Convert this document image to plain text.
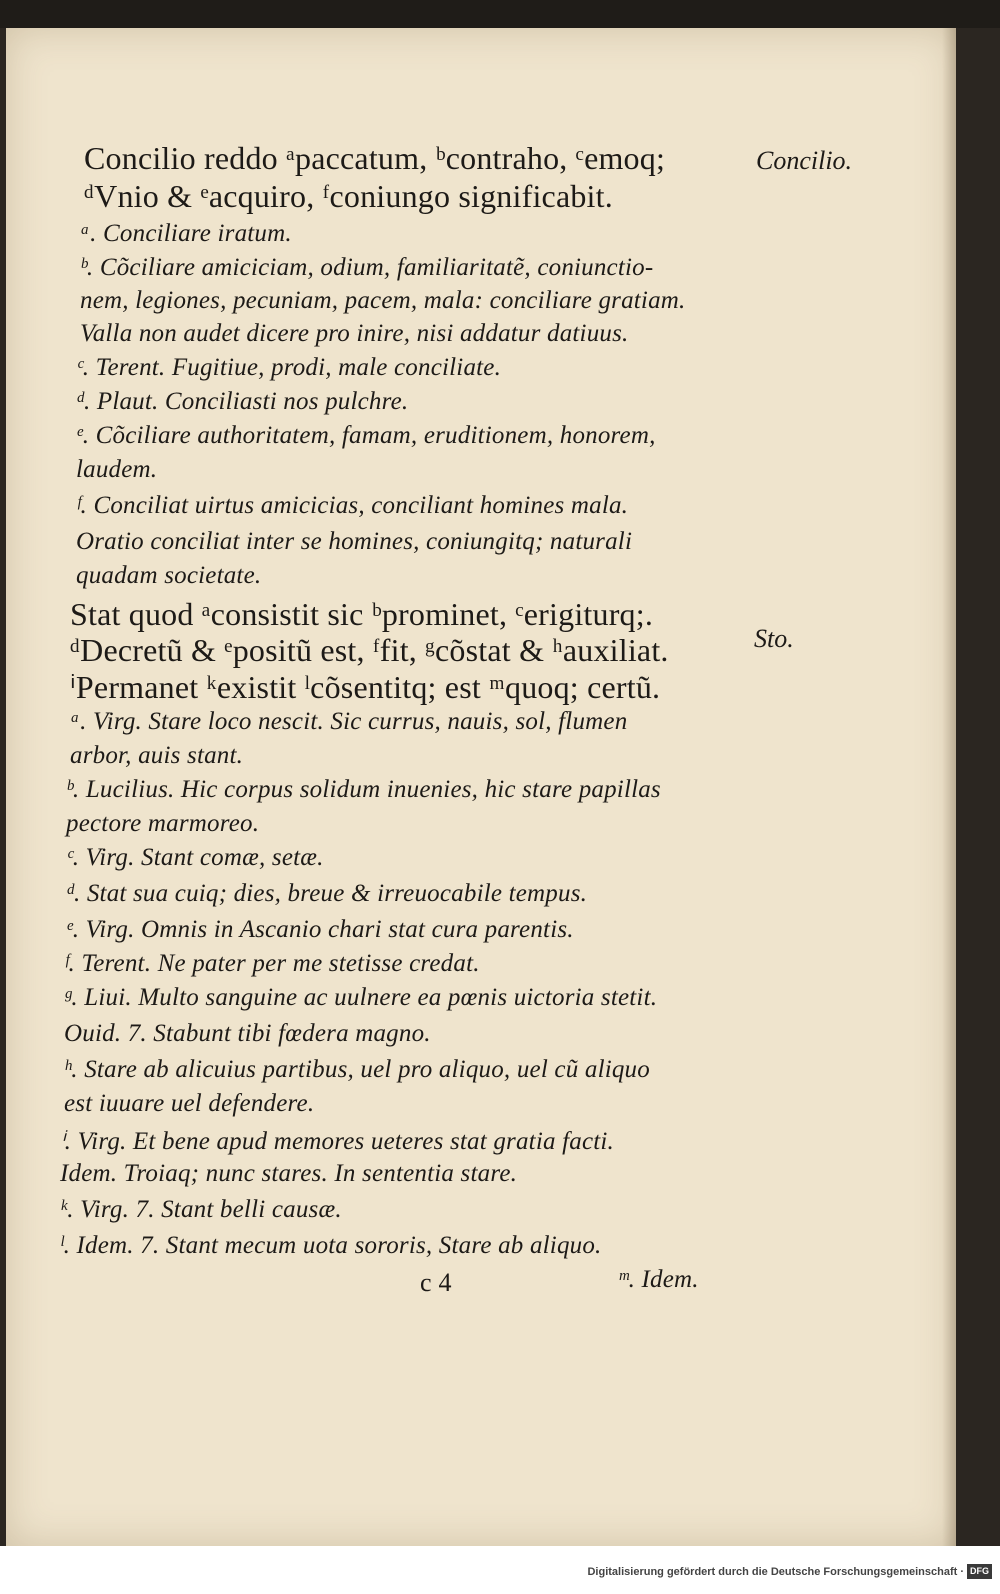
Concilio reddo ᵃpaccatum, ᵇcontraho, ᶜemoq;	Concilio.
ᵈVnio & ᵉacquiro, ᶠconiungo significabit.
ᵃ. Conciliare iratum.
ᵇ. Cõciliare amiciciam, odium, familiaritatẽ, coniunctio-
nem, legiones, pecuniam, pacem, mala: conciliare gratiam.
Valla non audet dicere pro inire, nisi addatur datiuus.
ᶜ. Terent. Fugitiue, prodi, male conciliate.
ᵈ. Plaut. Conciliasti nos pulchre.
ᵉ. Cõciliare authoritatem, famam, eruditionem, honorem,
laudem.
ᶠ. Conciliat uirtus amicicias, conciliant homines mala.
Oratio conciliat inter se homines, coniungitq; naturali
quadam societate.
Stat quod ᵃconsistit sic ᵇprominet, ᶜerigiturq;.
ᵈDecretũ & ᵉpositũ est, ᶠfit, ᵍcõstat & ʰauxiliat.	Sto.
ⁱPermanet ᵏexistit ˡcõsentitq; est ᵐquoq; certũ.
ᵃ. Virg. Stare loco nescit. Sic currus, nauis, sol, flumen
arbor, auis stant.
ᵇ. Lucilius. Hic corpus solidum inuenies, hic stare papillas
pectore marmoreo.
ᶜ. Virg. Stant comæ, setæ.
ᵈ. Stat sua cuiq; dies, breue & irreuocabile tempus.
ᵉ. Virg. Omnis in Ascanio chari stat cura parentis.
ᶠ. Terent. Ne pater per me stetisse credat.
ᵍ. Liui. Multo sanguine ac uulnere ea pœnis uictoria stetit.
Ouid. 7. Stabunt tibi fœdera magno.
ʰ. Stare ab alicuius partibus, uel pro aliquo, uel cũ aliquo
est iuuare uel defendere.
ⁱ. Virg. Et bene apud memores ueteres stat gratia facti.
Idem. Troiaq; nunc stares. In sententia stare.
ᵏ. Virg. 7. Stant belli causæ.
ˡ. Idem. 7. Stant mecum uota sororis, Stare ab aliquo.
c 4	ᵐ. Idem.
Digitalisierung gefördert durch die Deutsche Forschungsgemeinschaft · DFG
